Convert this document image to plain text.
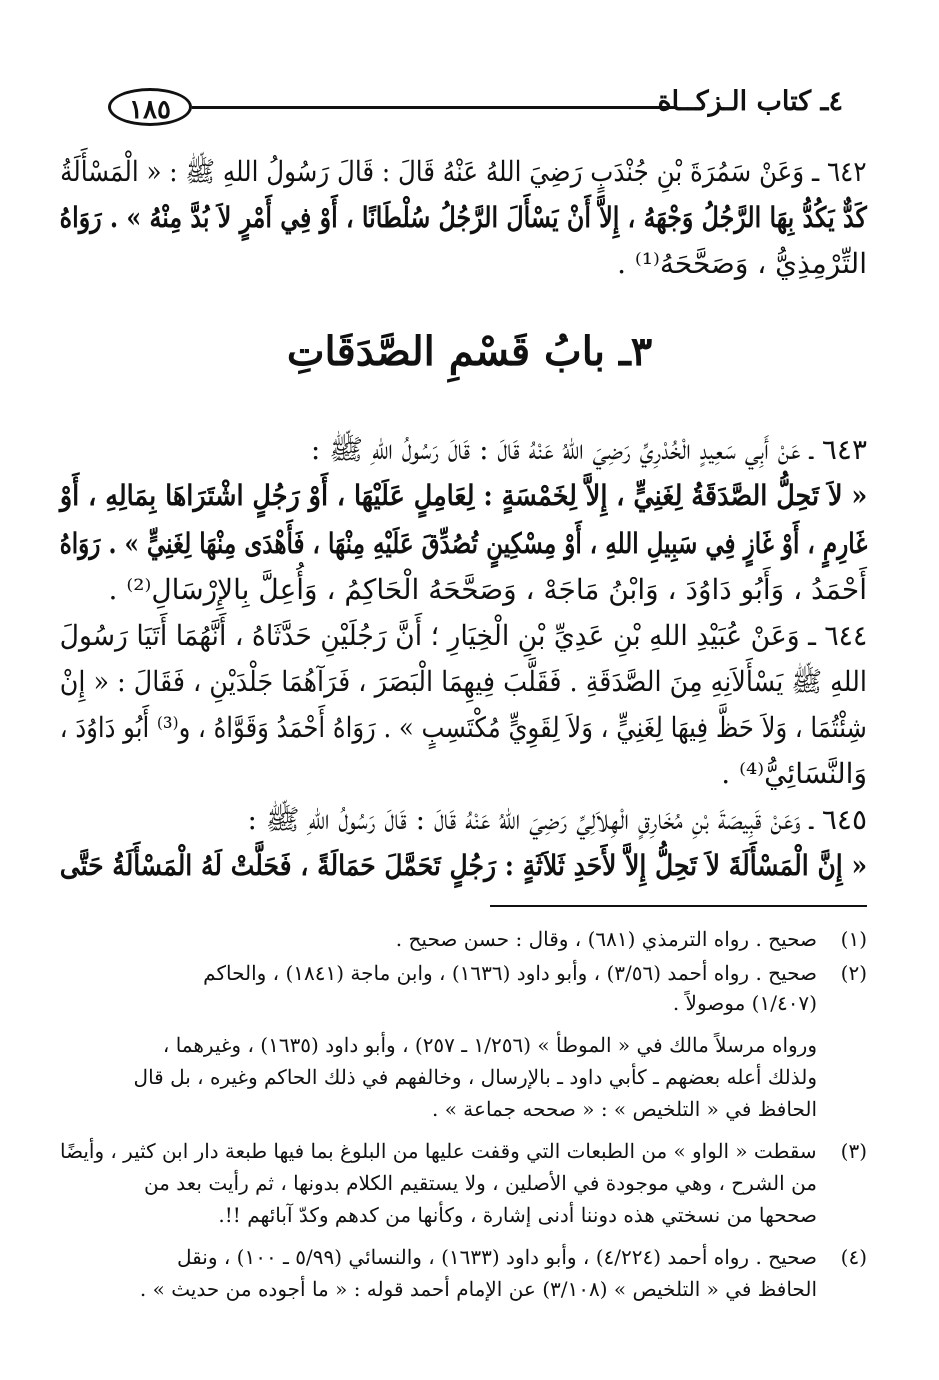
١٨٥	٤ـ كتاب الـزكــاة
٦٤٢ ـ وَعَنْ سَمُرَةَ بْنِ جُنْدَبٍ رَضِيَ اللهُ عَنْهُ قَالَ : قَالَ رَسُولُ اللهِ ﷺ : « الْمَسْأَلَةُ
كَدٌّ يَكُدُّ بِهَا الرَّجُلُ وَجْهَهُ ، إِلاَّ أَنْ يَسْأَلَ الرَّجُلُ سُلْطَانًا ، أَوْ فِي أَمْرٍ لاَ بُدَّ مِنْهُ » . رَوَاهُ
التِّرْمِذِيُّ ، وَصَحَّحَهُ⁽¹⁾ .
٣ـ بابُ قَسْمِ الصَّدَقَاتِ
٦٤٣ ـ عَنْ أَبِي سَعِيدٍ الْخُدْرِيِّ رَضِيَ اللهُ عَنْهُ قَالَ : قَالَ رَسُولُ اللهِ ﷺ :
« لاَ تَحِلُّ الصَّدَقَةُ لِغَنِيٍّ ، إِلاَّ لِخَمْسَةٍ : لِعَامِلٍ عَلَيْهَا ، أَوْ رَجُلٍ اشْتَرَاهَا بِمَالِهِ ، أَوْ
غَارِمٍ ، أَوْ غَازٍ فِي سَبِيلِ اللهِ ، أَوْ مِسْكِينٍ تُصُدِّقَ عَلَيْهِ مِنْهَا ، فَأَهْدَى مِنْهَا لِغَنِيٍّ » . رَوَاهُ
أَحْمَدُ ، وَأَبُو دَاوُدَ ، وَابْنُ مَاجَهْ ، وَصَحَّحَهُ الْحَاكِمُ ، وَأُعِلَّ بِالإِرْسَالِ⁽²⁾ .
٦٤٤ ـ وَعَنْ عُبَيْدِ اللهِ بْنِ عَدِيِّ بْنِ الْخِيَارِ ؛ أَنَّ رَجُلَيْنِ حَدَّثَاهُ ، أَنَّهُمَا أَتَيَا رَسُولَ
اللهِ ﷺ يَسْأَلاَنِهِ مِنَ الصَّدَقَةِ . فَقَلَّبَ فِيهِمَا الْبَصَرَ ، فَرَآهُمَا جَلْدَيْنِ ، فَقَالَ : « إِنْ
شِئْتُمَا ، وَلاَ حَظَّ فِيهَا لِغَنِيٍّ ، وَلاَ لِقَوِيٍّ مُكْتَسِبٍ » . رَوَاهُ أَحْمَدُ وَقَوَّاهُ ، و⁽³⁾ أَبُو دَاوُدَ ،
وَالنَّسَائِيُّ⁽⁴⁾ .
٦٤٥ ـ وَعَنْ قَبِيصَةَ بْنِ مُخَارِقٍ الْهِلاَلِيِّ رَضِيَ اللهُ عَنْهُ قَالَ : قَالَ رَسُولُ اللهِ ﷺ :
« إِنَّ الْمَسْأَلَةَ لاَ تَحِلُّ إِلاَّ لأَحَدِ ثَلاَثَةٍ : رَجُلٍ تَحَمَّلَ حَمَالَةً ، فَحَلَّتْ لَهُ الْمَسْأَلَةُ حَتَّى
(١)
صحيح . رواه الترمذي (٦٨١) ، وقال : حسن صحيح .
(٢)
صحيح . رواه أحمد (٣/٥٦) ، وأبو داود (١٦٣٦) ، وابن ماجة (١٨٤١) ، والحاكم
(١/٤٠٧) موصولاً .
ورواه مرسلاً مالك في « الموطأ » (١/٢٥٦ ـ ٢٥٧) ، وأبو داود (١٦٣٥) ، وغيرهما ،
ولذلك أعله بعضهم ـ كأبي داود ـ بالإرسال ، وخالفهم في ذلك الحاكم وغيره ، بل قال
الحافظ في « التلخيص » : « صححه جماعة » .
(٣)
سقطت « الواو » من الطبعات التي وقفت عليها من البلوغ بما فيها طبعة دار ابن كثير ، وأيضًا
من الشرح ، وهي موجودة في الأصلين ، ولا يستقيم الكلام بدونها ، ثم رأيت بعد من
صححها من نسختي هذه دوننا أدنى إشارة ، وكأنها من كدهم وكدّ آبائهم !!.
(٤)
صحيح . رواه أحمد (٤/٢٢٤) ، وأبو داود (١٦٣٣) ، والنسائي (٥/٩٩ ـ ١٠٠) ، ونقل
الحافظ في « التلخيص » (٣/١٠٨) عن الإمام أحمد قوله : « ما أجوده من حديث » .
